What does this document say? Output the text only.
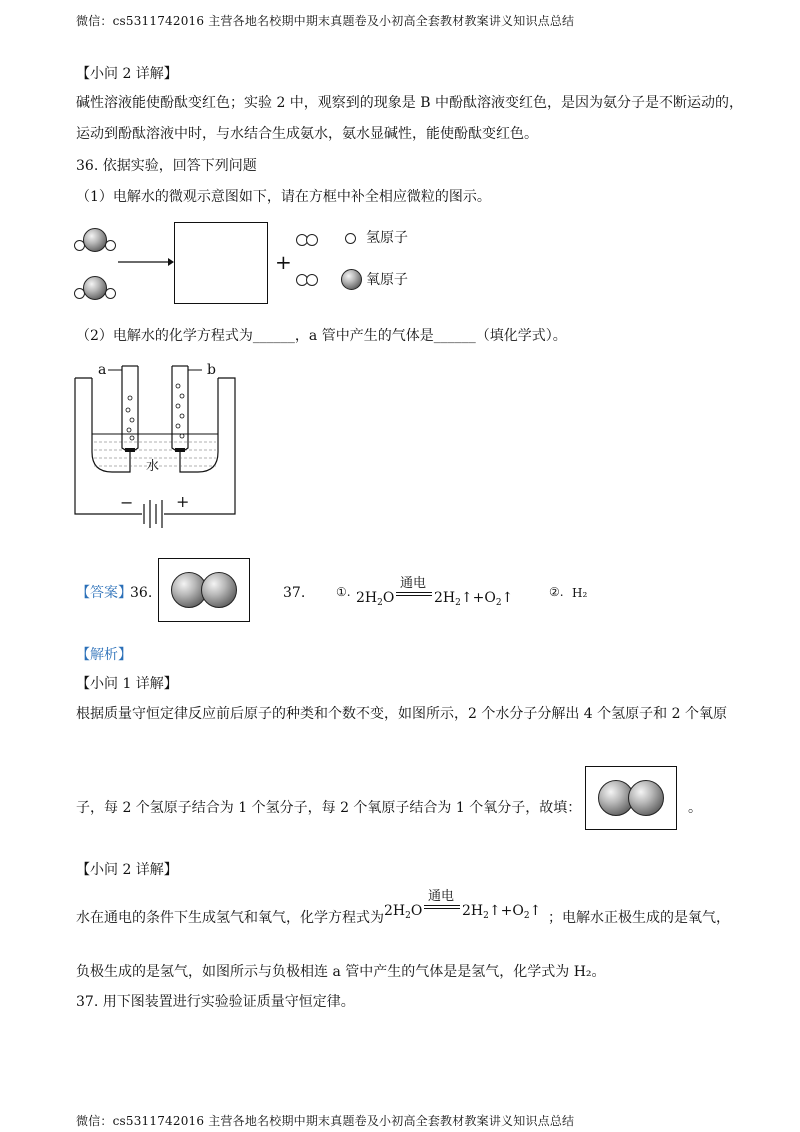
微信：cs5311742016 主营各地名校期中期末真题卷及小初高全套教材教案讲义知识点总结
【小问 2 详解】
碱性溶液能使酚酞变红色；实验 2 中，观察到的现象是 B 中酚酞溶液变红色，是因为氨分子是不断运动的，
运动到酚酞溶液中时，与水结合生成氨水，氨水显碱性，能使酚酞变红色。
36. 依据实验，回答下列问题
（1）电解水的微观示意图如下，请在方框中补全相应微粒的图示。
+
氢原子
氧原子
（2）电解水的化学方程式为______，a 管中产生的气体是______（填化学式）。
a	b
水
−	+
【答案】
36.	37.	①. $2H_2O$
通电
$2H_2↑+O_2↑$	②. H₂
【解析】
【小问 1 详解】
根据质量守恒定律反应前后原子的种类和个数不变，如图所示，2 个水分子分解出 4 个氢原子和 2 个氧原
子，每 2 个氢原子结合为 1 个氢分子，每 2 个氧原子结合为 1 个氧分子，故填：	。
【小问 2 详解】
水在通电的条件下生成氢气和氧气，化学方程式为 $2H_2O$
通电
$2H_2↑+O_2↑$ ；电解水正极生成的是氧气，
负极生成的是氢气，如图所示与负极相连 a 管中产生的气体是是氢气，化学式为 H₂。
37. 用下图装置进行实验验证质量守恒定律。
微信：cs5311742016 主营各地名校期中期末真题卷及小初高全套教材教案讲义知识点总结
